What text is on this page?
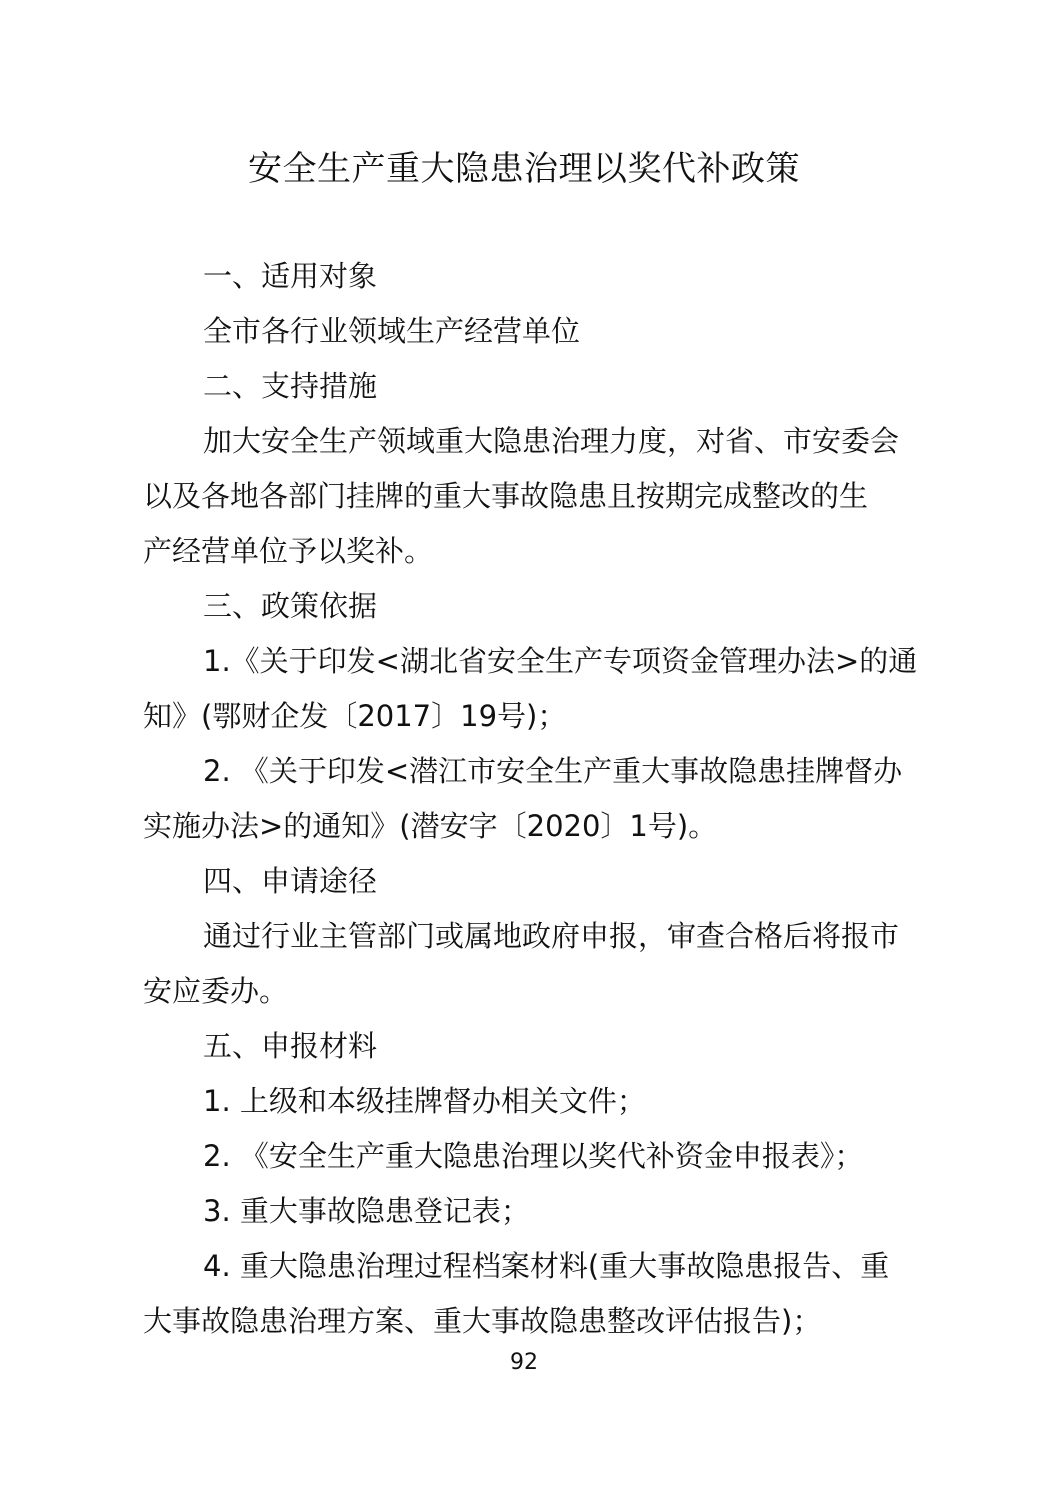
安全生产重大隐患治理以奖代补政策
一、适用对象
全市各行业领域生产经营单位
二、支持措施
加大安全生产领域重大隐患治理力度，对省、市安委会
以及各地各部门挂牌的重大事故隐患且按期完成整改的生
产经营单位予以奖补。
三、政策依据
1.《关于印发<湖北省安全生产专项资金管理办法>的通
知》(鄂财企发〔2017〕19号)；
2. 《关于印发<潜江市安全生产重大事故隐患挂牌督办
实施办法>的通知》(潜安字〔2020〕1号)。
四、申请途径
通过行业主管部门或属地政府申报，审查合格后将报市
安应委办。
五、申报材料
1. 上级和本级挂牌督办相关文件；
2. 《安全生产重大隐患治理以奖代补资金申报表》；
3. 重大事故隐患登记表；
4. 重大隐患治理过程档案材料(重大事故隐患报告、重
大事故隐患治理方案、重大事故隐患整改评估报告)；
92
